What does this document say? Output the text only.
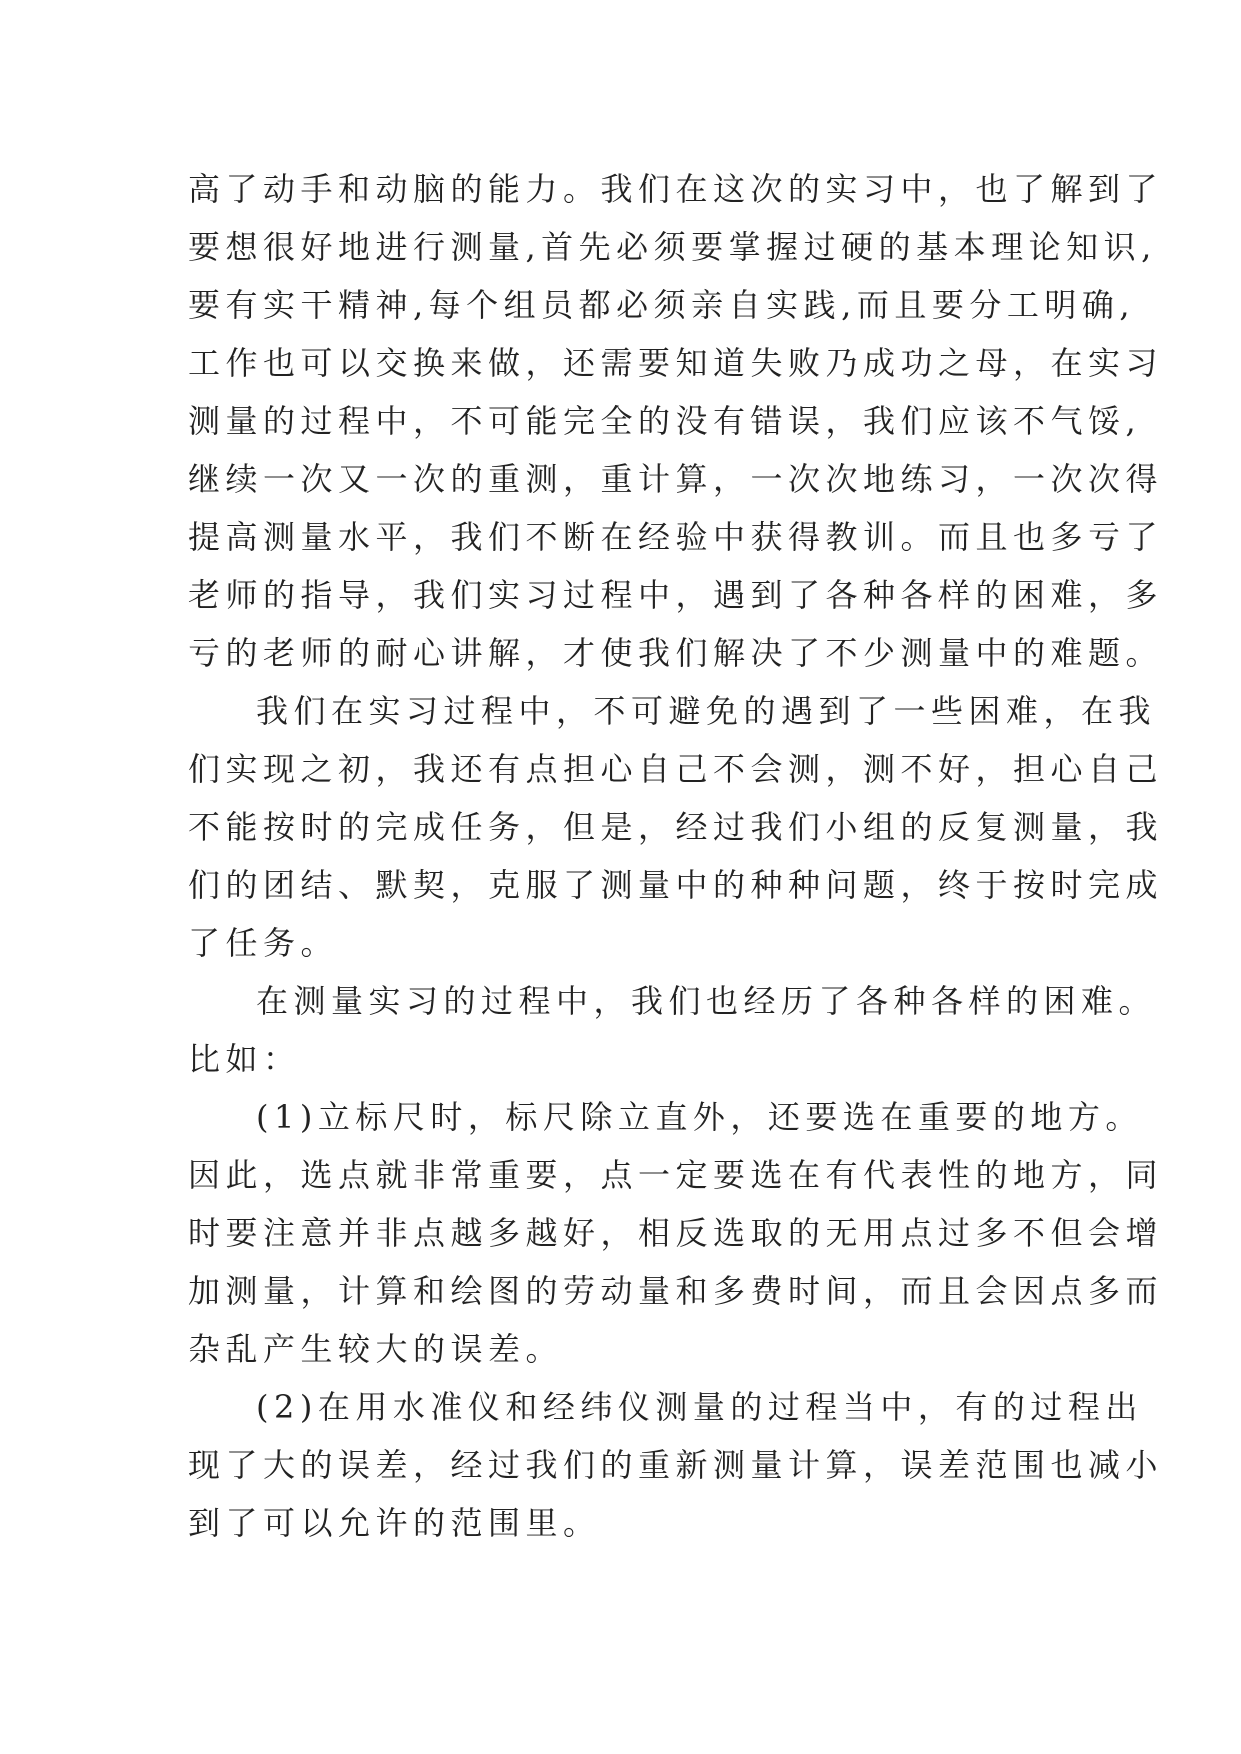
高了动手和动脑的能力。我们在这次的实习中，也了解到了
要想很好地进行测量,首先必须要掌握过硬的基本理论知识,
要有实干精神,每个组员都必须亲自实践,而且要分工明确,
工作也可以交换来做，还需要知道失败乃成功之母，在实习
测量的过程中，不可能完全的没有错误，我们应该不气馁,
继续一次又一次的重测，重计算，一次次地练习，一次次得
提高测量水平，我们不断在经验中获得教训。而且也多亏了
老师的指导，我们实习过程中，遇到了各种各样的困难，多
亏的老师的耐心讲解，才使我们解决了不少测量中的难题。
我们在实习过程中，不可避免的遇到了一些困难，在我
们实现之初，我还有点担心自己不会测，测不好，担心自己
不能按时的完成任务，但是，经过我们小组的反复测量，我
们的团结、默契，克服了测量中的种种问题，终于按时完成
了任务。
在测量实习的过程中，我们也经历了各种各样的困难。
比如：
(1)立标尺时，标尺除立直外，还要选在重要的地方。
因此，选点就非常重要，点一定要选在有代表性的地方，同
时要注意并非点越多越好，相反选取的无用点过多不但会增
加测量，计算和绘图的劳动量和多费时间，而且会因点多而
杂乱产生较大的误差。
(2)在用水准仪和经纬仪测量的过程当中，有的过程出
现了大的误差，经过我们的重新测量计算，误差范围也减小
到了可以允许的范围里。
